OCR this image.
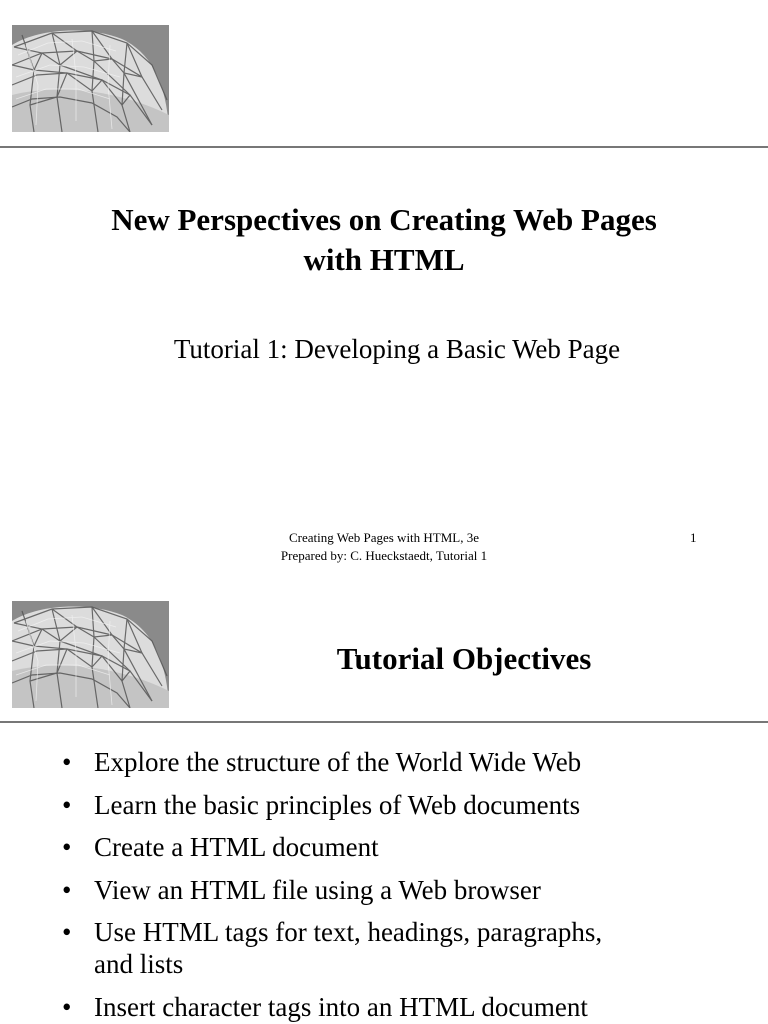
New Perspectives on Creating Web Pages
with HTML

Tutorial 1: Developing a Basic Web Page

Creating Web Pages with HTML, 3e
Prepared by: C. Hueckstaedt, Tutorial 1
1
Tutorial Objectives
• Explore the structure of the World Wide Web
• Learn the basic principles of Web documents
• Create a HTML document
• View an HTML file using a Web browser
• Use HTML tags for text, headings, paragraphs,
and lists
• Insert character tags into an HTML document
